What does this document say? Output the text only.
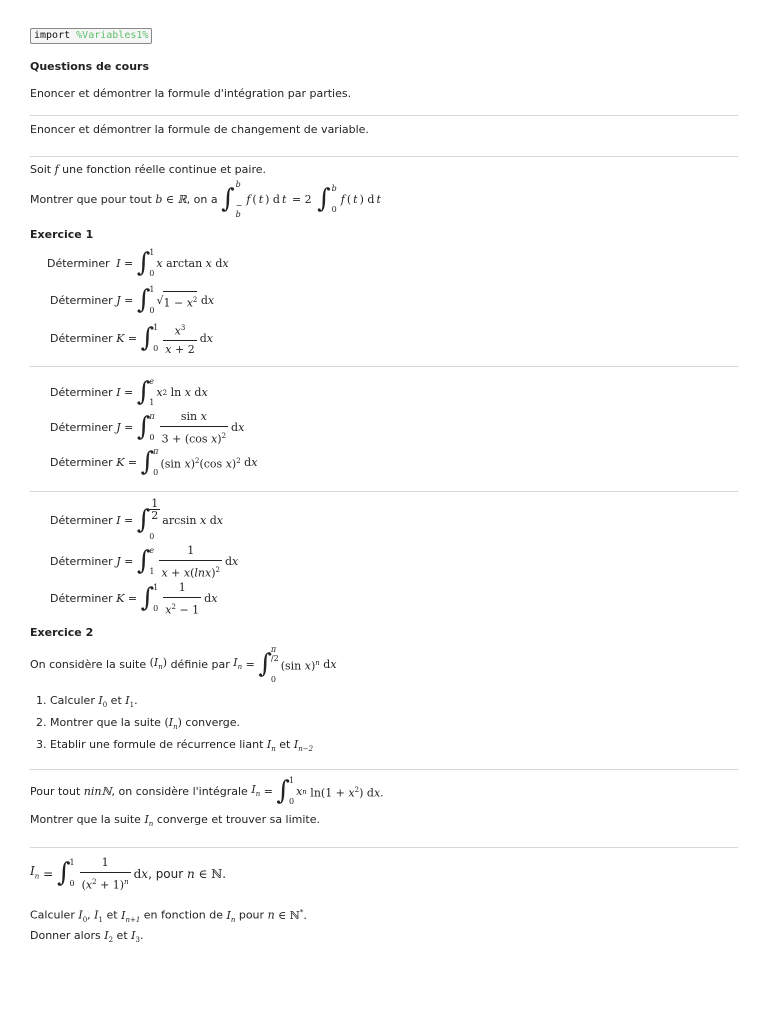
import %Variables1%

Questions de cours

Enoncer et démontrer la formule d'intégration par parties.

Enoncer et démontrer la formule de changement de variable.

Soit f une fonction réelle continue et paire.

Montrer que pour tout
b ∈ ℝ , on a
∫ b
−
b
f ( t ) d t = 2 ∫ b
0
f ( t ) d t

Exercice 1

Déterminer
I =
∫ 1
0
x
arctan
x
d x
Déterminer
J =
∫ 1
0
√ $1 - x^2$
d x
Déterminer
K =
∫ 1
$0 \frac{x^3}{x + 2}$ d x
Déterminer
I =
∫ e
1
x 2
ln
x
d x
Déterminer
J =
∫ π
$0 \frac{\text{sin x}}{3 + (\cos x)^2}$ d x
Déterminer
K =
∫ π
0
(sin x)$^2$(cos x)$^2$
d x
Déterminer
I =
∫
1
2
0
arcsin
x
d x
Déterminer
J =
∫ e
$1 \frac{1}{x + x(\ln x)^2}$ d x
Déterminer
K =
∫ 1
$0 \frac{1}{x^2 - 1}$ d x

Exercice 2

On considère la suite
$(I_n)$
définie par
$I_n$ = ∫ π
/2
0
(sin x)$^n$
d x
1. Calculer $I_0$ et $I_1$.
2. Montrer que la suite $(I_n)$ converge.
3. Etablir une formule de récurrence liant $I_n$ et $I_{n-2}$
Pour tout
ninℕ , on considère l'intégrale
$I_n$ = ∫ 1
0
x n
$\ln(1 + x^2)$ dx.

Montrer que la suite $I_n$ converge et trouver sa limite.

$I_n$ = ∫ 1
$0 \frac{1}{(x^2 + 1)^n}$ dx , pour
n ∈ ℕ.

Calculer $I_0$, $I_1$ et $I_{n+1}$ en fonction de $I_n$ pour n ∈ ℕ*.

Donner alors $I_2$ et $I_3$.
